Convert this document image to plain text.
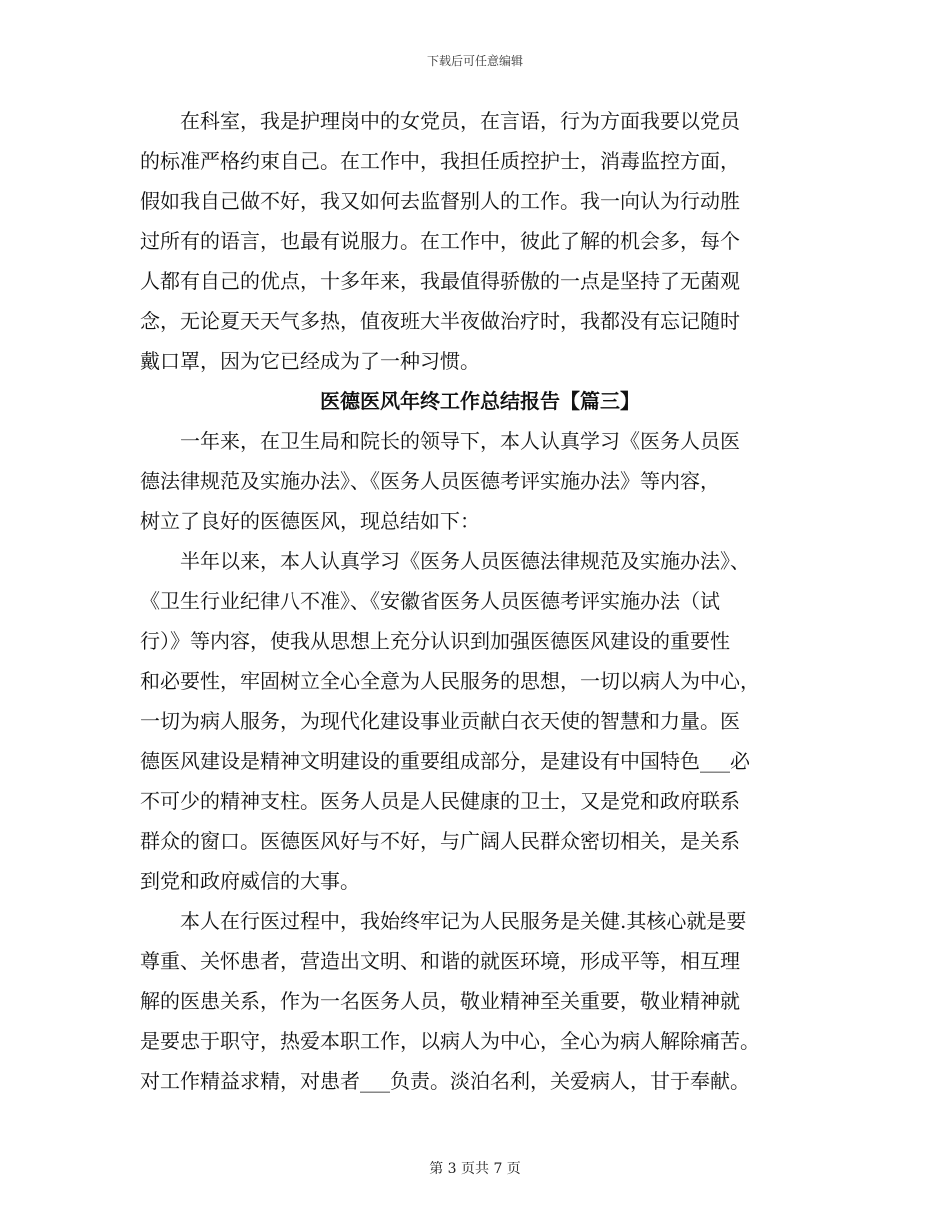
下载后可任意编辑
　　在科室，我是护理岗中的女党员，在言语，行为方面我要以党员
的标准严格约束自己。在工作中，我担任质控护士，消毒监控方面，
假如我自己做不好，我又如何去监督别人的工作。我一向认为行动胜
过所有的语言，也最有说服力。在工作中，彼此了解的机会多，每个
人都有自己的优点，十多年来，我最值得骄傲的一点是坚持了无菌观
念，无论夏天天气多热，值夜班大半夜做治疗时，我都没有忘记随时
戴口罩，因为它已经成为了一种习惯。
医德医风年终工作总结报告【篇三】
　　一年来，在卫生局和院长的领导下，本人认真学习《医务人员医
德法律规范及实施办法》、《医务人员医德考评实施办法》等内容，
树立了良好的医德医风，现总结如下：
　　半年以来，本人认真学习《医务人员医德法律规范及实施办法》、
《卫生行业纪律八不准》、《安徽省医务人员医德考评实施办法（试
行）》等内容，使我从思想上充分认识到加强医德医风建设的重要性
和必要性，牢固树立全心全意为人民服务的思想，一切以病人为中心，
一切为病人服务，为现代化建设事业贡献白衣天使的智慧和力量。医
德医风建设是精神文明建设的重要组成部分，是建设有中国特色___必
不可少的精神支柱。医务人员是人民健康的卫士，又是党和政府联系
群众的窗口。医德医风好与不好，与广阔人民群众密切相关，是关系
到党和政府威信的大事。
　　本人在行医过程中，我始终牢记为人民服务是关健.其核心就是要
尊重、关怀患者，营造出文明、和谐的就医环境，形成平等，相互理
解的医患关系，作为一名医务人员，敬业精神至关重要，敬业精神就
是要忠于职守，热爱本职工作，以病人为中心，全心为病人解除痛苦。
对工作精益求精，对患者___负责。淡泊名利，关爱病人，甘于奉献。
第 3 页共 7 页
